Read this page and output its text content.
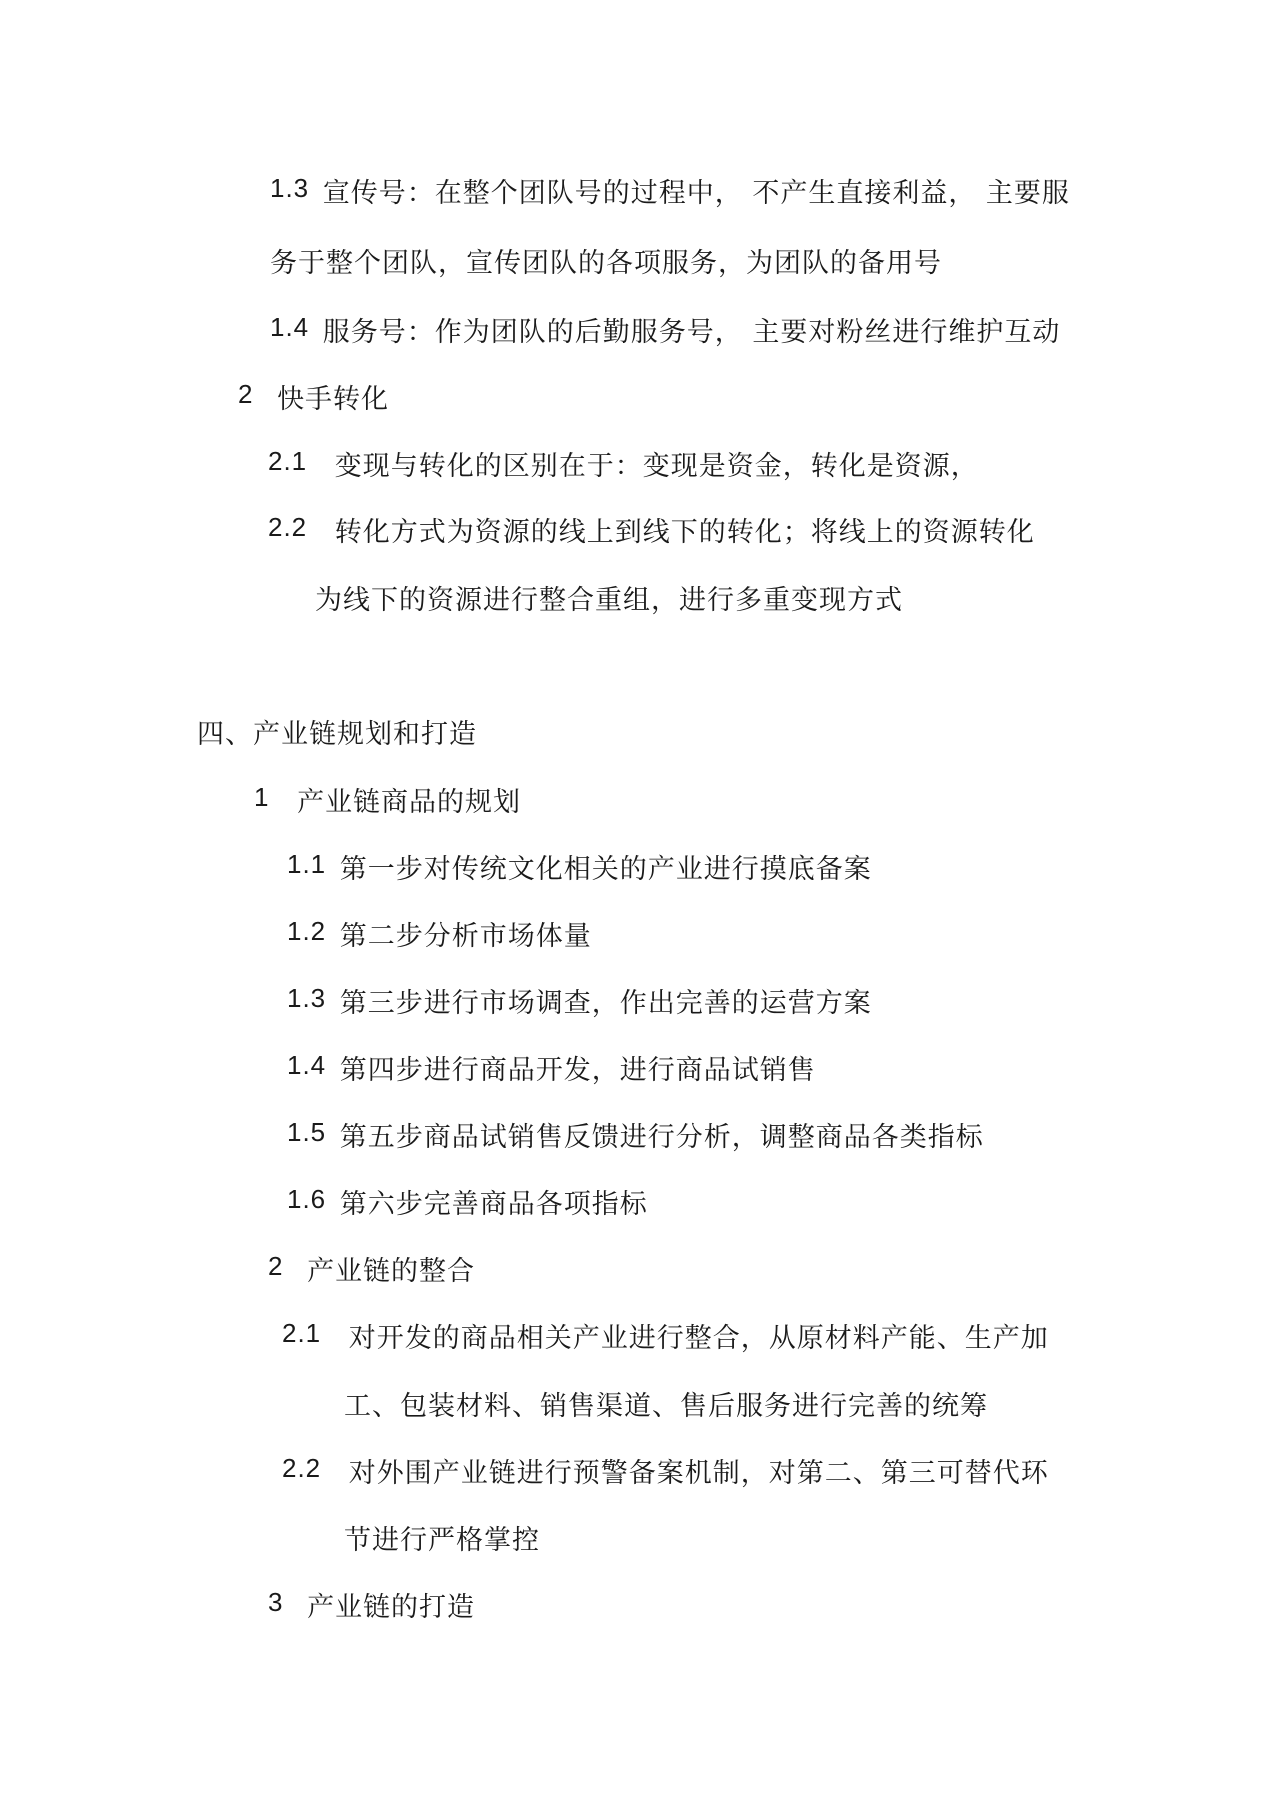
1.3 宣传号：在整个团队号的过程中， 不产生直接利益， 主要服
务于整个团队，宣传团队的各项服务，为团队的备用号
1.4 服务号：作为团队的后勤服务号， 主要对粉丝进行维护互动
2 快手转化
2.1 变现与转化的区别在于：变现是资金，转化是资源，
2.2 转化方式为资源的线上到线下的转化；将线上的资源转化
为线下的资源进行整合重组，进行多重变现方式
四、产业链规划和打造
1 产业链商品的规划
1.1 第一步对传统文化相关的产业进行摸底备案
1.2 第二步分析市场体量
1.3 第三步进行市场调查，作出完善的运营方案
1.4 第四步进行商品开发，进行商品试销售
1.5 第五步商品试销售反馈进行分析，调整商品各类指标
1.6 第六步完善商品各项指标
2 产业链的整合
2.1 对开发的商品相关产业进行整合，从原材料产能、生产加
工、包装材料、销售渠道、售后服务进行完善的统筹
2.2 对外围产业链进行预警备案机制，对第二、第三可替代环
节进行严格掌控
3 产业链的打造
